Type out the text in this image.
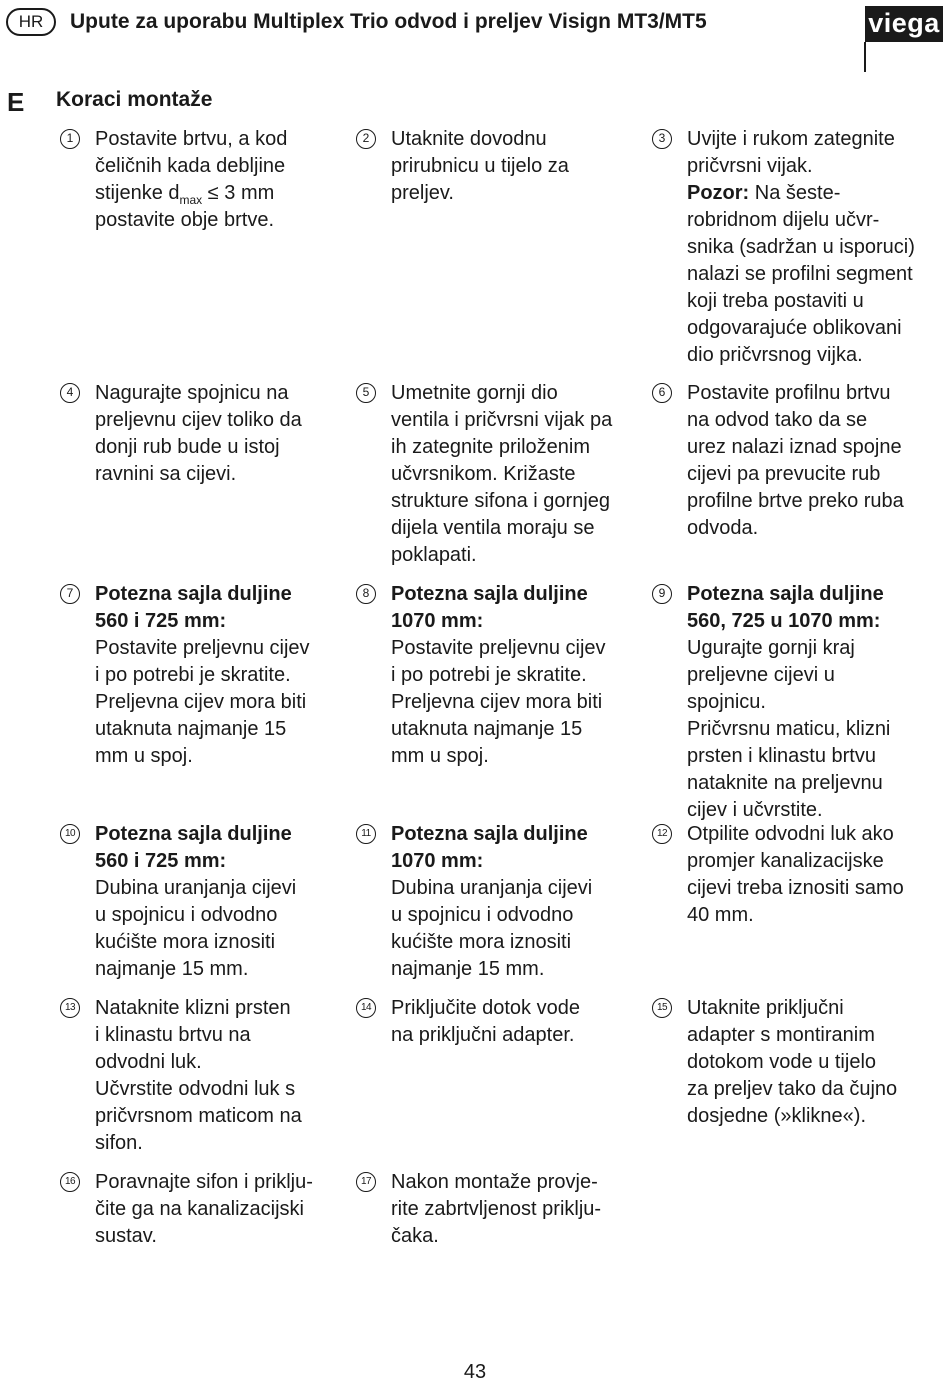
HR	Upute za uporabu Multiplex Trio odvod i preljev Visign MT3/MT5	viega
E Koraci montaže
1	Postavite brtvu, a kod
čeličnih kada debljine
stijenke $d_{max} \le 3$ mm
postavite obje brtve.
2	Utaknite dovodnu
prirubnicu u tijelo za
preljev.
3	Uvijte i rukom zategnite
pričvrsni vijak.
Pozor: Na šeste-
robridnom dijelu učvr-
snika (sadržan u isporuci)
nalazi se profilni segment
koji treba postaviti u
odgovarajuće oblikovani
dio pričvrsnog vijka.
4	Nagurajte spojnicu na
preljevnu cijev toliko da
donji rub bude u istoj
ravnini sa cijevi.
5	Umetnite gornji dio
ventila i pričvrsni vijak pa
ih zategnite priloženim
učvrsnikom. Križaste
strukture sifona i gornjeg
dijela ventila moraju se
poklapati.
6	Postavite profilnu brtvu
na odvod tako da se
urez nalazi iznad spojne
cijevi pa prevucite rub
profilne brtve preko ruba
odvoda.
7	Potezna sajla duljine
560 i 725 mm:
Postavite preljevnu cijev
i po potrebi je skratite.
Preljevna cijev mora biti
utaknuta najmanje 15
mm u spoj.
8	Potezna sajla duljine
1070 mm:
Postavite preljevnu cijev
i po potrebi je skratite.
Preljevna cijev mora biti
utaknuta najmanje 15
mm u spoj.
9	Potezna sajla duljine
560, 725 u 1070 mm:
Ugurajte gornji kraj
preljevne cijevi u
spojnicu.
Pričvrsnu maticu, klizni
prsten i klinastu brtvu
nataknite na preljevnu
cijev i učvrstite.
10 Potezna sajla duljine
560 i 725 mm:
Dubina uranjanja cijevi
u spojnicu i odvodno
kućište mora iznositi
najmanje 15 mm.
11 Potezna sajla duljine
1070 mm:
Dubina uranjanja cijevi
u spojnicu i odvodno
kućište mora iznositi
najmanje 15 mm.
12 Otpilite odvodni luk ako
promjer kanalizacijske
cijevi treba iznositi samo
40 mm.
13 Nataknite klizni prsten
i klinastu brtvu na
odvodni luk.
Učvrstite odvodni luk s
pričvrsnom maticom na
sifon.
14 Priključite dotok vode
na priključni adapter.
15 Utaknite priključni
adapter s montiranim
dotokom vode u tijelo
za preljev tako da čujno
dosjedne (»klikne«).
16 Poravnajte sifon i priklju-
čite ga na kanalizacijski
sustav.
17 Nakon montaže provje-
rite zabrtvljenost priklju-
čaka.
43
